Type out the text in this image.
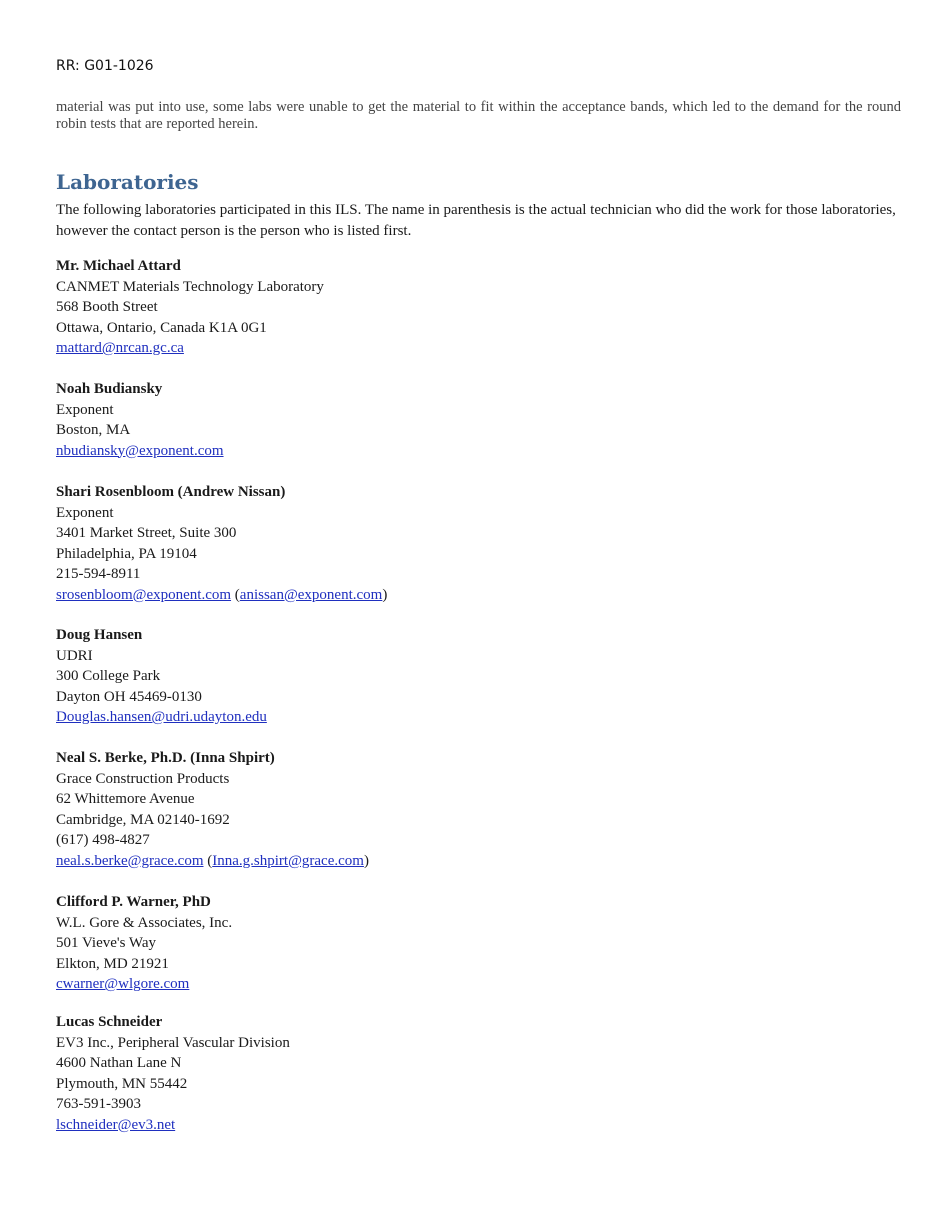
RR: G01-1026
material was put into use, some labs were unable to get the material to fit within the acceptance bands, which led to the demand for the round robin tests that are reported herein.
Laboratories
The following laboratories participated in this ILS. The name in parenthesis is the actual technician who did the work for those laboratories, however the contact person is the person who is listed first.
Mr. Michael Attard
CANMET Materials Technology Laboratory
568 Booth Street
Ottawa, Ontario, Canada K1A 0G1
mattard@nrcan.gc.ca
Noah Budiansky
Exponent
Boston, MA
nbudiansky@exponent.com
Shari Rosenbloom (Andrew Nissan)
Exponent
3401 Market Street, Suite 300
Philadelphia, PA 19104
215-594-8911
srosenbloom@exponent.com (anissan@exponent.com)
Doug Hansen
UDRI
300 College Park
Dayton OH 45469-0130
Douglas.hansen@udri.udayton.edu
Neal S. Berke, Ph.D. (Inna Shpirt)
Grace Construction Products
62 Whittemore Avenue
Cambridge, MA 02140-1692
(617) 498-4827
neal.s.berke@grace.com (Inna.g.shpirt@grace.com)
Clifford P. Warner, PhD
W.L. Gore & Associates, Inc.
501 Vieve's Way
Elkton, MD 21921
cwarner@wlgore.com
Lucas Schneider
EV3 Inc., Peripheral Vascular Division
4600 Nathan Lane N
Plymouth, MN 55442
763-591-3903
lschneider@ev3.net
